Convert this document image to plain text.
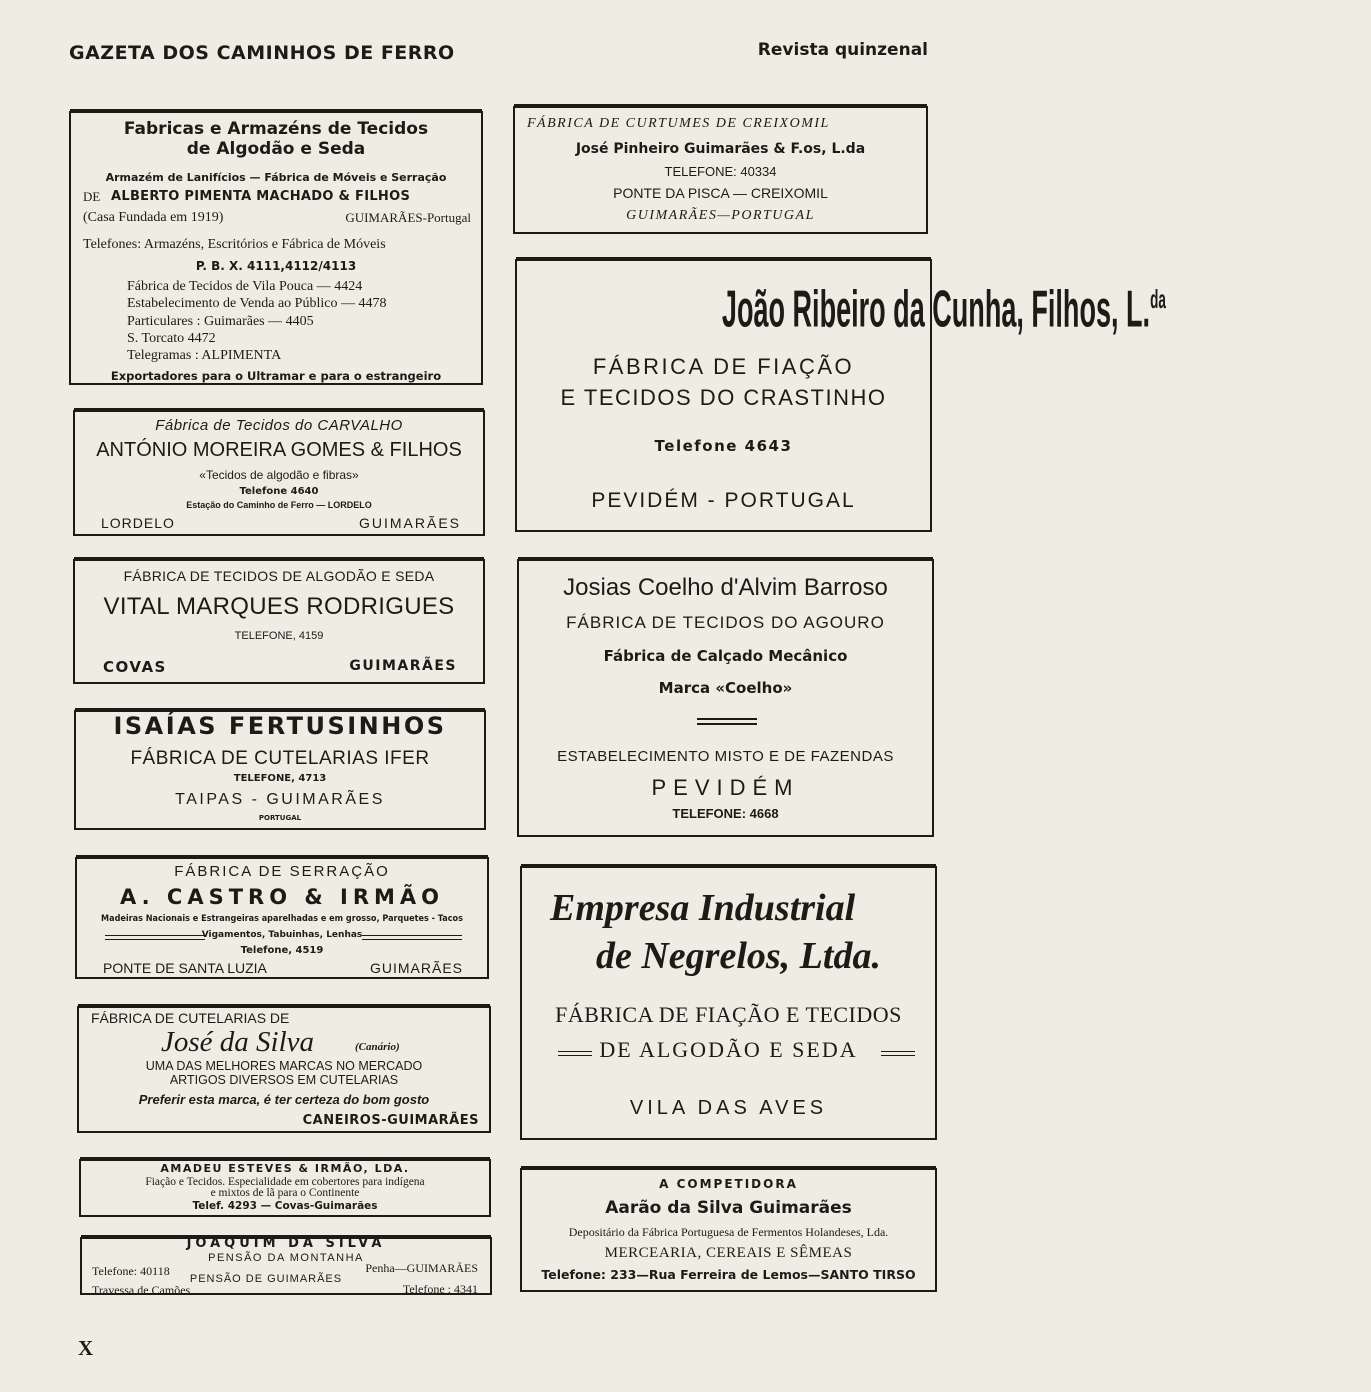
GAZETA DOS CAMINHOS DE FERRO	Revista quinzenal
Fabricas e Armazéns de Tecidos
de Algodão e Seda
Armazém de Lanifícios — Fábrica de Móveis e Serração
DE ALBERTO PIMENTA MACHADO & FILHOS
(Casa Fundada em 1919)	GUIMARÃES-Portugal
Telefones: Armazéns, Escritórios e Fábrica de Móveis
P. B. X. 4111,4112/4113
Fábrica de Tecidos de Vila Pouca — 4424
Estabelecimento de Venda ao Público — 4478
Particulares : Guimarães — 4405
S. Torcato 4472
Telegramas : ALPIMENTA
Exportadores para o Ultramar e para o estrangeiro
Fábrica de Tecidos do CARVALHO
ANTÓNIO MOREIRA GOMES & FILHOS
«Tecidos de algodão e fibras»
Telefone 4640
Estação do Caminho de Ferro — LORDELO
LORDELO	GUIMARÃES
FÁBRICA DE TECIDOS DE ALGODÃO E SEDA
VITAL MARQUES RODRIGUES
TELEFONE, 4159
COVAS	GUIMARÃES
ISAÍAS FERTUSINHOS
FÁBRICA DE CUTELARIAS IFER
TELEFONE, 4713
TAIPAS - GUIMARÃES
PORTUGAL
FÁBRICA DE SERRAÇÃO
A. CASTRO & IRMÃO
Madeiras Nacionais e Estrangeiras aparelhadas e em grosso, Parquetes - Tacos
Vigamentos, Tabuinhas, Lenhas
Telefone, 4519
PONTE DE SANTA LUZIA	GUIMARÃES
FÁBRICA DE CUTELARIAS DE
José da Silva	(Canário)
UMA DAS MELHORES MARCAS NO MERCADO
ARTIGOS DIVERSOS EM CUTELARIAS
Preferir esta marca, é ter certeza do bom gosto
CANEIROS-GUIMARÃES
AMADEU ESTEVES & IRMÃO, LDA.
Fiação e Tecidos. Especialidade em cobertores para indígena
e mixtos de lã para o Continente
Telef. 4293 — Covas-Guimarães
JOAQUIM DA SILVA
PENSÃO DA MONTANHA
PENSÃO DE GUIMARÃES
Telefone: 40118
Travessa de Camões
Penha—GUIMARÃES
Telefone : 4341
FÁBRICA DE CURTUMES DE CREIXOMIL
José Pinheiro Guimarães & F.os, L.da
TELEFONE: 40334
PONTE DA PISCA — CREIXOMIL
GUIMARÃES—PORTUGAL
João Ribeiro da Cunha, Filhos, L.$^{da}$
FÁBRICA DE FIAÇÃO
E TECIDOS DO CRASTINHO
Telefone 4643
PEVIDÉM - PORTUGAL
Josias Coelho d'Alvim Barroso
FÁBRICA DE TECIDOS DO AGOURO
Fábrica de Calçado Mecânico
Marca «Coelho»
ESTABELECIMENTO MISTO E DE FAZENDAS
PEVIDÉM
TELEFONE: 4668
Empresa Industrial
de Negrelos, Ltda.
FÁBRICA DE FIAÇÃO E TECIDOS
DE ALGODÃO E SEDA
VILA DAS AVES
A COMPETIDORA
Aarão da Silva Guimarães
Depositário da Fábrica Portuguesa de Fermentos Holandeses, Lda.
MERCEARIA, CEREAIS E SÊMEAS
Telefone: 233—Rua Ferreira de Lemos—SANTO TIRSO
X
